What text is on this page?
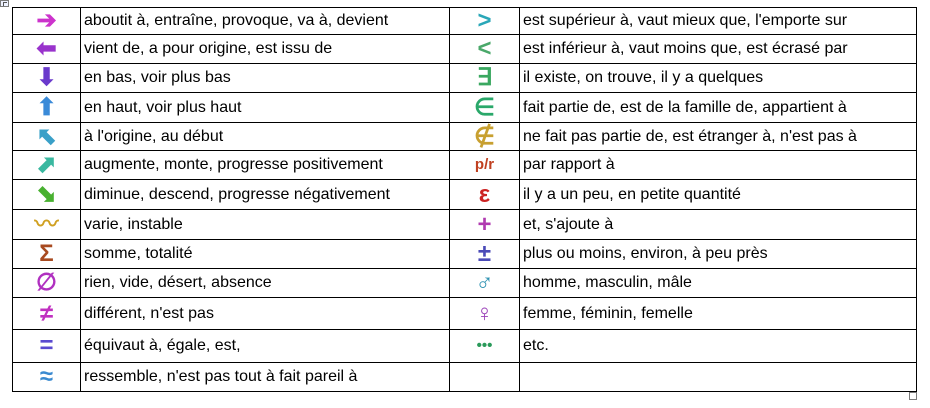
➔	aboutit à, entraîne, provoque, va à, devient	>	est supérieur à, vaut mieux que, l'emporte sur
⬅	vient de, a pour origine, est issu de	<	est inférieur à, vaut moins que, est écrasé par
⬇	en bas, voir plus bas	∃	il existe, on trouve, il y a quelques
⬆	en haut, voir plus haut	∈	fait partie de, est de la famille de, appartient à
⬉	à l'origine, au début	∉	ne fait pas partie de, est étranger à, n'est pas à
⬈	augmente, monte, progresse positivement	p/r	par rapport à
⬊	diminue, descend, progresse négativement	ε	il y a un peu, en petite quantité
〰	varie, instable	+	et, s'ajoute à
Σ	somme, totalité	±	plus ou moins, environ, à peu près
∅	rien, vide, désert, absence	♂	homme, masculin, mâle
≠	différent, n'est pas	♀	femme, féminin, femelle
=	équivaut à, égale, est,	•••	etc.
≈	ressemble, n'est pas tout à fait pareil à		
